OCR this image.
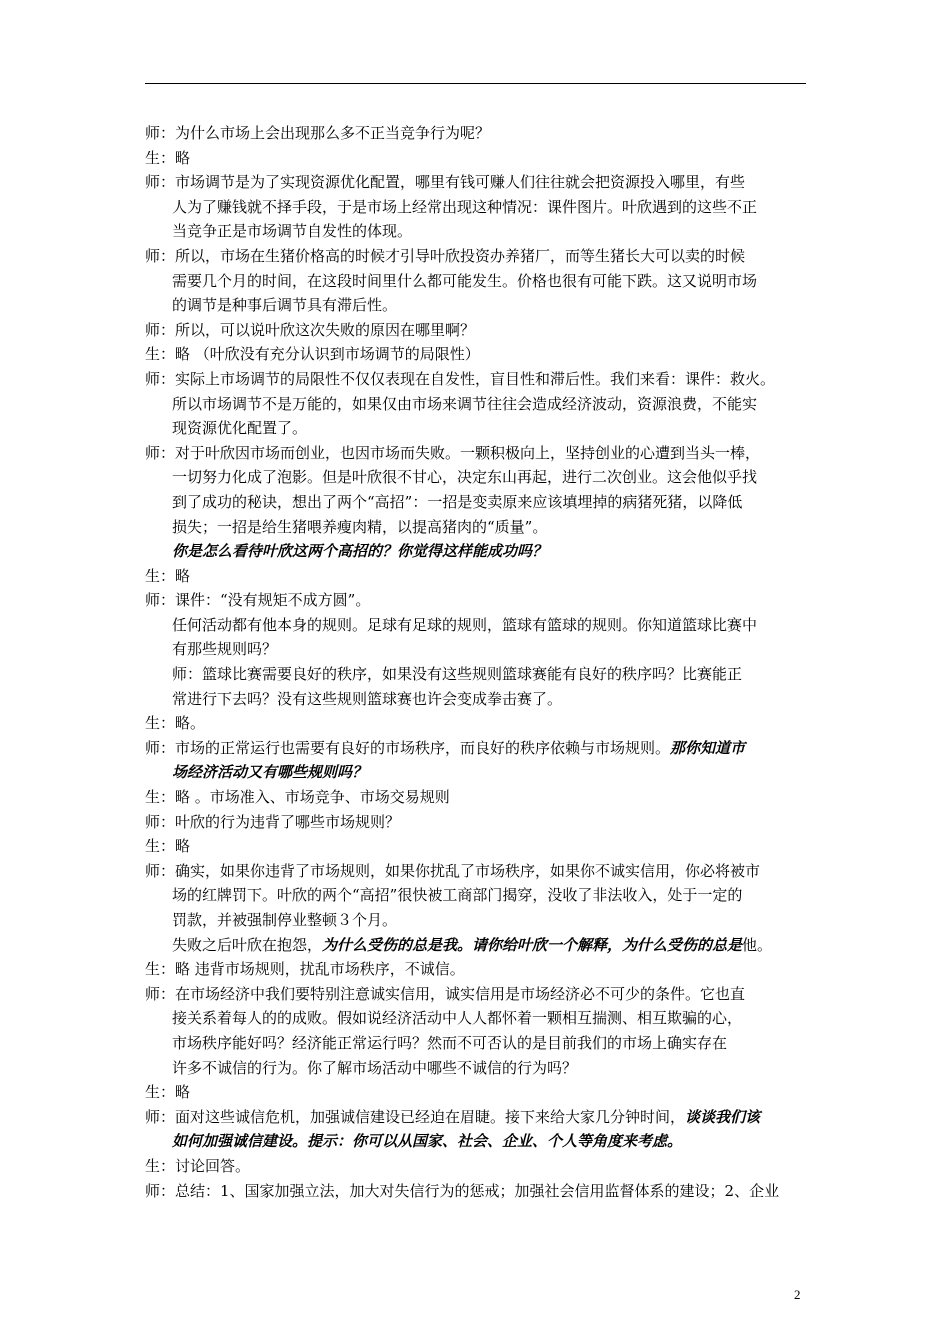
师：为什么市场上会出现那么多不正当竞争行为呢？
生：略
师：市场调节是为了实现资源优化配置，哪里有钱可赚人们往往就会把资源投入哪里，有些
人为了赚钱就不择手段，于是市场上经常出现这种情况：课件图片。叶欣遇到的这些不正
当竞争正是市场调节自发性的体现。
师：所以，市场在生猪价格高的时候才引导叶欣投资办养猪厂，而等生猪长大可以卖的时候
需要几个月的时间，在这段时间里什么都可能发生。价格也很有可能下跌。这又说明市场
的调节是种事后调节具有滞后性。
师：所以，可以说叶欣这次失败的原因在哪里啊？
生：略 （叶欣没有充分认识到市场调节的局限性）
师：实际上市场调节的局限性不仅仅表现在自发性，盲目性和滞后性。我们来看：课件：救火。
所以市场调节不是万能的，如果仅由市场来调节往往会造成经济波动，资源浪费，不能实
现资源优化配置了。
师：对于叶欣因市场而创业，也因市场而失败。一颗积极向上，坚持创业的心遭到当头一棒，
一切努力化成了泡影。但是叶欣很不甘心，决定东山再起，进行二次创业。这会他似乎找
到了成功的秘诀，想出了两个“高招”：一招是变卖原来应该填埋掉的病猪死猪，以降低
损失；一招是给生猪喂养瘦肉精，以提高猪肉的“质量”。
你是怎么看待叶欣这两个高招的？你觉得这样能成功吗？
生：略
师：课件：“没有规矩不成方圆”。
任何活动都有他本身的规则。足球有足球的规则，篮球有篮球的规则。你知道篮球比赛中
有那些规则吗？
师：篮球比赛需要良好的秩序，如果没有这些规则篮球赛能有良好的秩序吗？比赛能正
常进行下去吗？没有这些规则篮球赛也许会变成拳击赛了。
生：略。
师：市场的正常运行也需要有良好的市场秩序，而良好的秩序依赖与市场规则。那你知道市
场经济活动又有哪些规则吗？
生：略 。市场准入、市场竞争、市场交易规则
师：叶欣的行为违背了哪些市场规则？
生：略
师：确实，如果你违背了市场规则，如果你扰乱了市场秩序，如果你不诚实信用，你必将被市
场的红牌罚下。叶欣的两个“高招”很快被工商部门揭穿，没收了非法收入，处于一定的
罚款，并被强制停业整顿３个月。
失败之后叶欣在抱怨，为什么受伤的总是我。请你给叶欣一个解释，为什么受伤的总是他。
生：略 违背市场规则，扰乱市场秩序，不诚信。
师：在市场经济中我们要特别注意诚实信用，诚实信用是市场经济必不可少的条件。它也直
接关系着每人的的成败。假如说经济活动中人人都怀着一颗相互揣测、相互欺骗的心，
市场秩序能好吗？经济能正常运行吗？然而不可否认的是目前我们的市场上确实存在
许多不诚信的行为。你了解市场活动中哪些不诚信的行为吗？
生：略
师：面对这些诚信危机，加强诚信建设已经迫在眉睫。接下来给大家几分钟时间，谈谈我们该
如何加强诚信建设。提示：你可以从国家、社会、企业、个人等角度来考虑。
生：讨论回答。
师：总结：1、国家加强立法，加大对失信行为的惩戒；加强社会信用监督体系的建设；2、企业
2
